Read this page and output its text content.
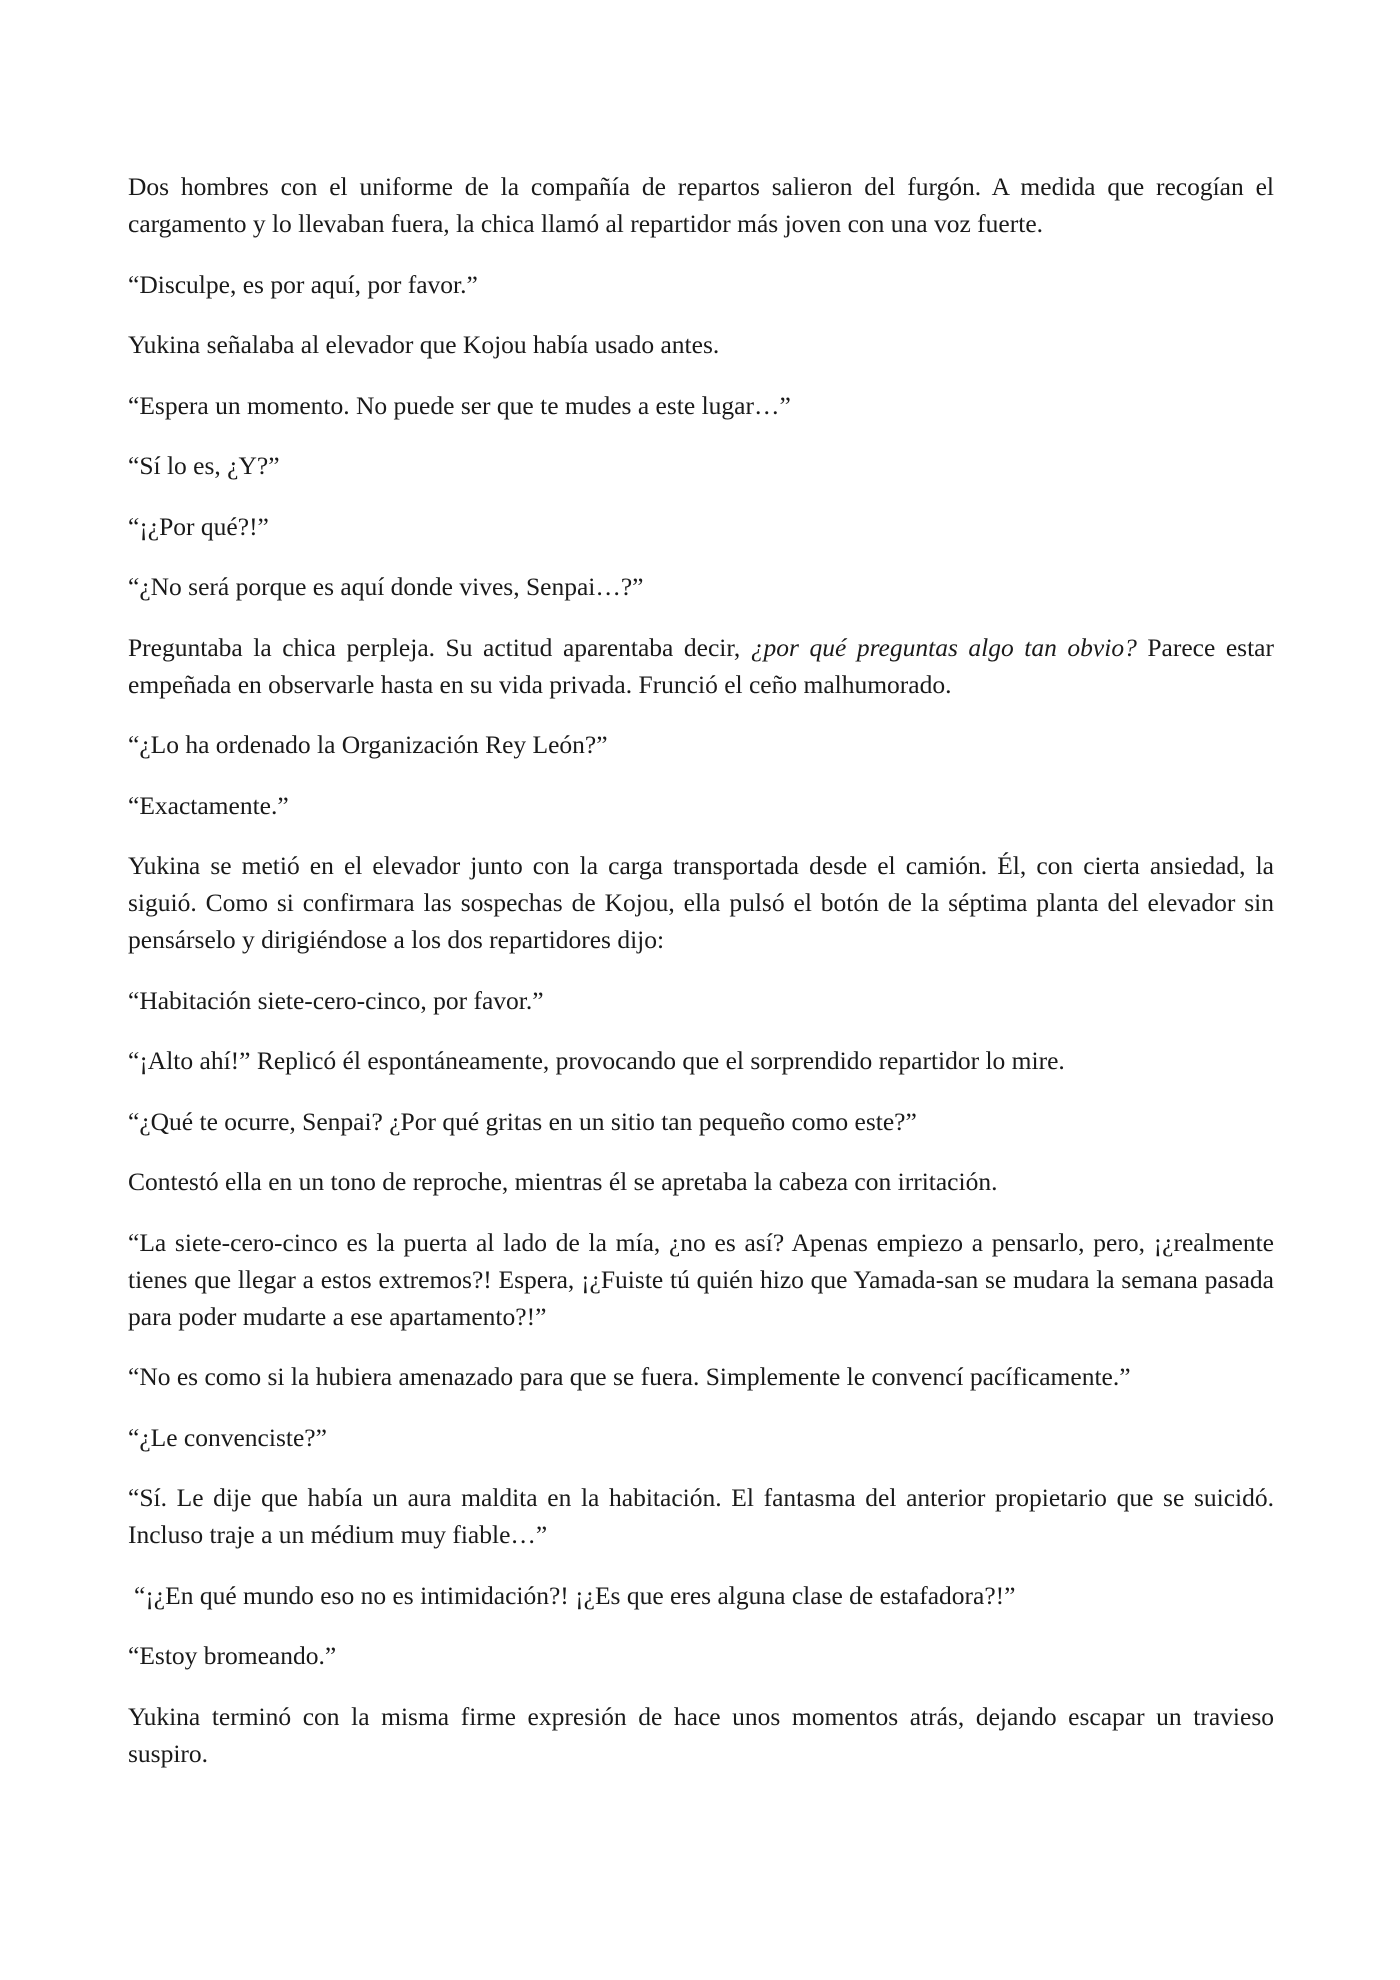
Dos hombres con el uniforme de la compañía de repartos salieron del furgón. A medida que recogían el cargamento y lo llevaban fuera, la chica llamó al repartidor más joven con una voz fuerte.

“Disculpe, es por aquí, por favor.”

Yukina señalaba al elevador que Kojou había usado antes.

“Espera un momento. No puede ser que te mudes a este lugar…”

“Sí lo es, ¿Y?”

“¡¿Por qué?!”

“¿No será porque es aquí donde vives, Senpai…?”

Preguntaba la chica perpleja. Su actitud aparentaba decir, ¿por qué preguntas algo tan obvio? Parece estar empeñada en observarle hasta en su vida privada. Frunció el ceño malhumorado.

“¿Lo ha ordenado la Organización Rey León?”

“Exactamente.”

Yukina se metió en el elevador junto con la carga transportada desde el camión. Él, con cierta ansiedad, la siguió. Como si confirmara las sospechas de Kojou, ella pulsó el botón de la séptima planta del elevador sin pensárselo y dirigiéndose a los dos repartidores dijo:

“Habitación siete-cero-cinco, por favor.”

“¡Alto ahí!” Replicó él espontáneamente, provocando que el sorprendido repartidor lo mire.

“¿Qué te ocurre, Senpai? ¿Por qué gritas en un sitio tan pequeño como este?”

Contestó ella en un tono de reproche, mientras él se apretaba la cabeza con irritación.

“La siete-cero-cinco es la puerta al lado de la mía, ¿no es así? Apenas empiezo a pensarlo, pero, ¡¿realmente tienes que llegar a estos extremos?! Espera, ¡¿Fuiste tú quién hizo que Yamada-san se mudara la semana pasada para poder mudarte a ese apartamento?!”

“No es como si la hubiera amenazado para que se fuera. Simplemente le convencí pacíficamente.”

“¿Le convenciste?”

“Sí. Le dije que había un aura maldita en la habitación. El fantasma del anterior propietario que se suicidó. Incluso traje a un médium muy fiable…”

“¡¿En qué mundo eso no es intimidación?! ¡¿Es que eres alguna clase de estafadora?!”

“Estoy bromeando.”

Yukina terminó con la misma firme expresión de hace unos momentos atrás, dejando escapar un travieso suspiro.
